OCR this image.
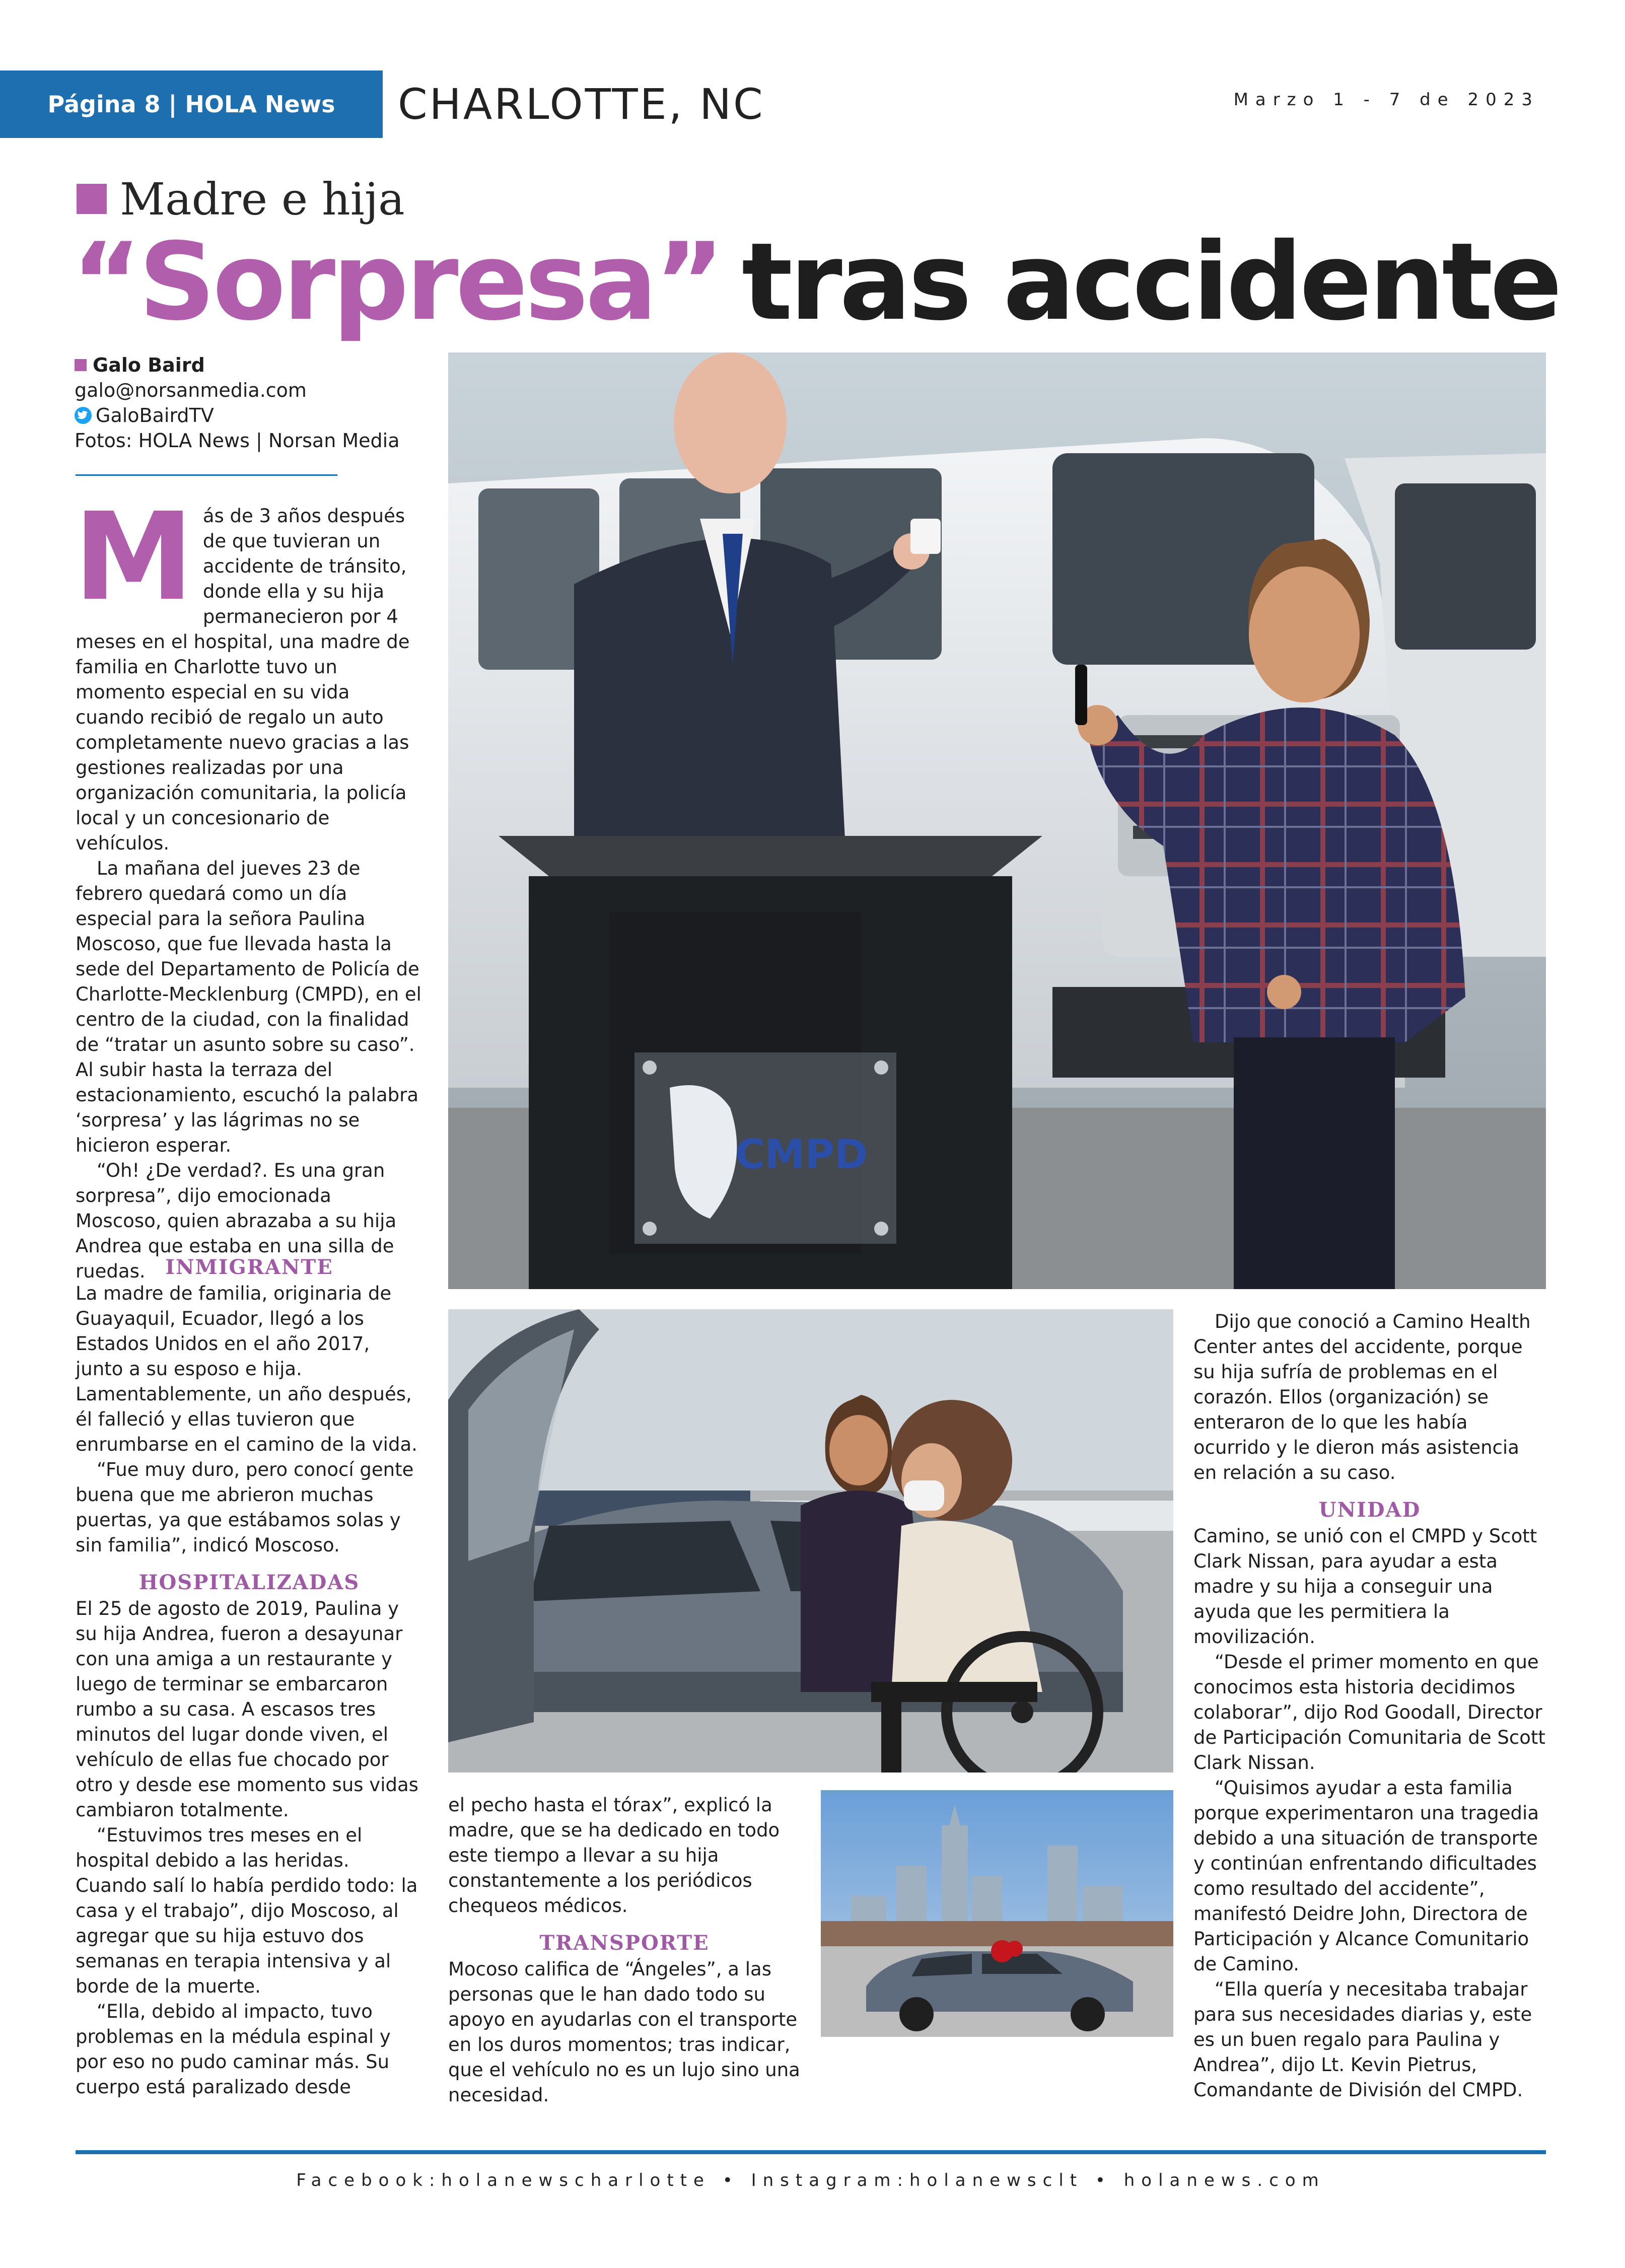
Página 8 | HOLA News	CHARLOTTE, NC	Marzo 1 - 7 de 2023
Madre e hija
“Sorpresa” tras accidente
Galo Baird
galo@norsanmedia.com
GaloBairdTV
Fotos: HOLA News | Norsan Media
M ás de 3 años después de que tuvieran un accidente de tránsito, donde ella y su hija permanecieron por 4 meses en el hospital, una madre de familia en Charlotte tuvo un momento especial en su vida cuando recibió de regalo un auto completamente nuevo gracias a las gestiones realizadas por una organización comunitaria, la policía local y un concesionario de vehículos.

La mañana del jueves 23 de febrero quedará como un día especial para la señora Paulina Moscoso, que fue llevada hasta la sede del Departamento de Policía de Charlotte-Mecklenburg (CMPD), en el centro de la ciudad, con la finalidad de “tratar un asunto sobre su caso”. Al subir hasta la terraza del estacionamiento, escuchó la palabra ‘sorpresa’ y las lágrimas no se hicieron esperar.

“Oh! ¿De verdad?. Es una gran sorpresa”, dijo emocionada Moscoso, quien abrazaba a su hija Andrea que estaba en una silla de ruedas. INMIGRANTE

La madre de familia, originaria de Guayaquil, Ecuador, llegó a los Estados Unidos en el año 2017, junto a su esposo e hija. Lamentablemente, un año después, él falleció y ellas tuvieron que enrumbarse en el camino de la vida.

“Fue muy duro, pero conocí gente buena que me abrieron muchas puertas, ya que estábamos solas y sin familia”, indicó Moscoso.

HOSPITALIZADAS

El 25 de agosto de 2019, Paulina y su hija Andrea, fueron a desayunar con una amiga a un restaurante y luego de terminar se embarcaron rumbo a su casa. A escasos tres minutos del lugar donde viven, el vehículo de ellas fue chocado por otro y desde ese momento sus vidas cambiaron totalmente.

“Estuvimos tres meses en el hospital debido a las heridas. Cuando salí lo había perdido todo: la casa y el trabajo”, dijo Moscoso, al agregar que su hija estuvo dos semanas en terapia intensiva y al borde de la muerte.

“Ella, debido al impacto, tuvo problemas en la médula espinal y por eso no pudo caminar más. Su cuerpo está paralizado desde

el pecho hasta el tórax”, explicó la madre, que se ha dedicado en todo este tiempo a llevar a su hija constantemente a los periódicos chequeos médicos.

TRANSPORTE

Mocoso califica de “Ángeles”, a las personas que le han dado todo su apoyo en ayudarlas con el transporte en los duros momentos; tras indicar, que el vehículo no es un lujo sino una necesidad.

Dijo que conoció a Camino Health Center antes del accidente, porque su hija sufría de problemas en el corazón. Ellos (organización) se enteraron de lo que les había ocurrido y le dieron más asistencia en relación a su caso.

UNIDAD

Camino, se unió con el CMPD y Scott Clark Nissan, para ayudar a esta madre y su hija a conseguir una ayuda que les permitiera la movilización.

“Desde el primer momento en que conocimos esta historia decidimos colaborar”, dijo Rod Goodall, Director de Participación Comunitaria de Scott Clark Nissan.

“Quisimos ayudar a esta familia porque experimentaron una tragedia debido a una situación de transporte y continúan enfrentando dificultades como resultado del accidente”, manifestó Deidre John, Directora de Participación y Alcance Comunitario de Camino.

“Ella quería y necesitaba trabajar para sus necesidades diarias y, este es un buen regalo para Paulina y Andrea”, dijo Lt. Kevin Pietrus, Comandante de División del CMPD.

CMPD
Facebook:holanewscharlotte • Instagram:holanewsclt • holanews.com
